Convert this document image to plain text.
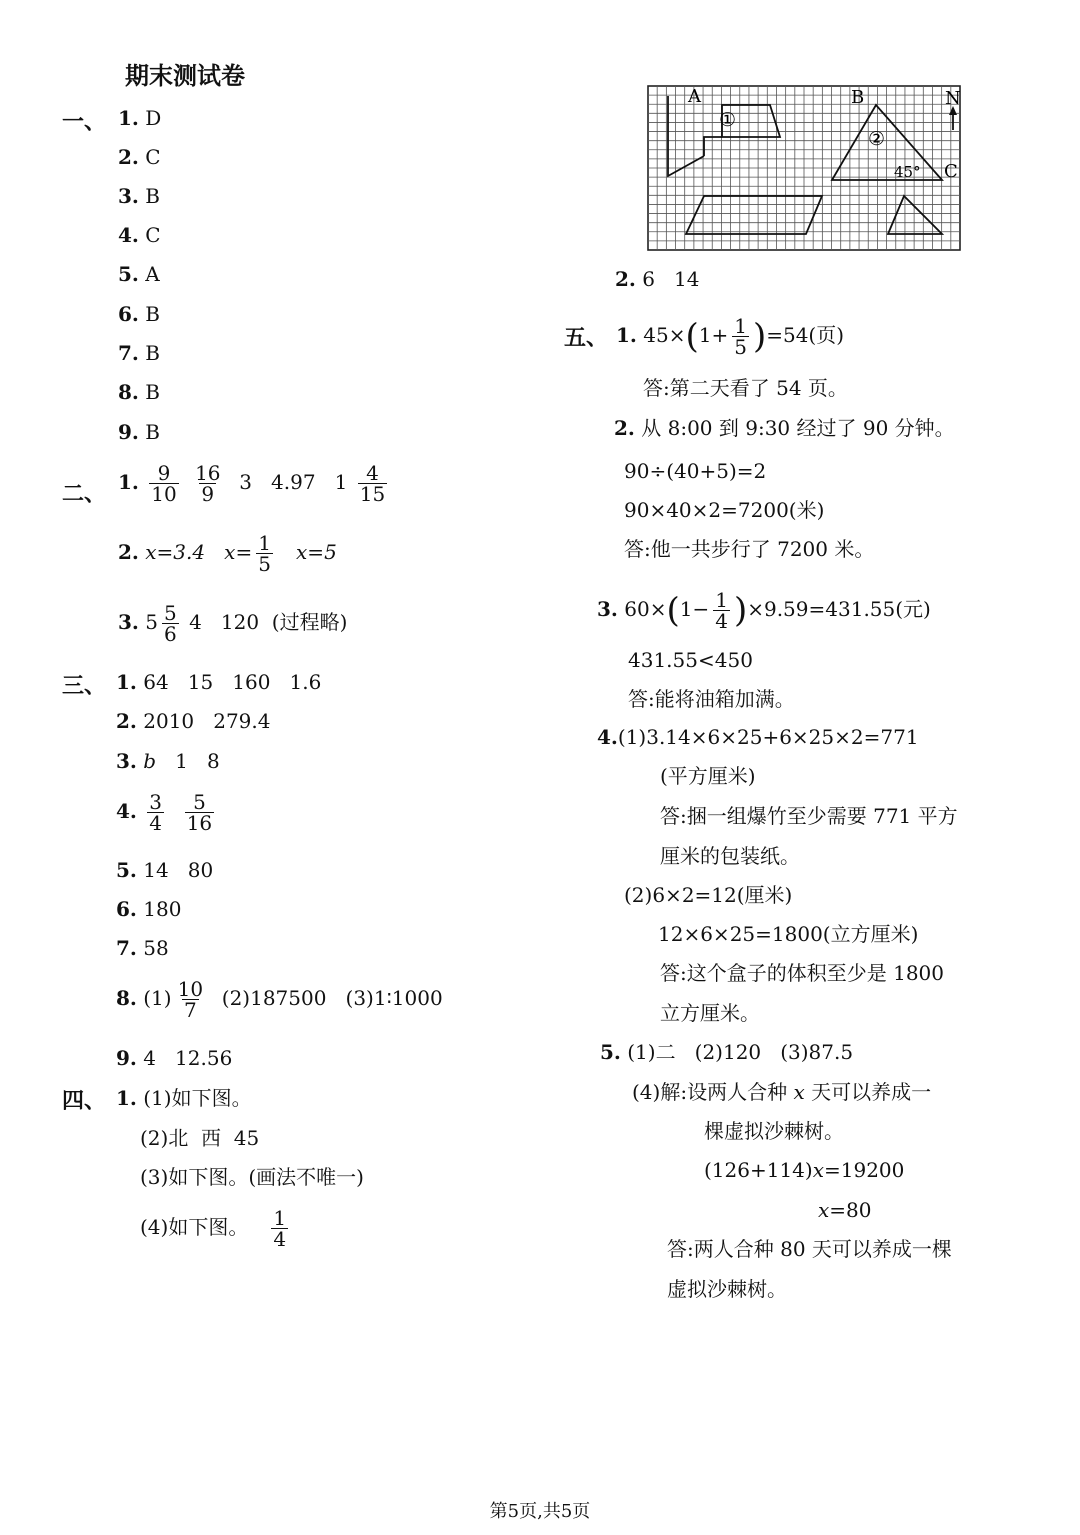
期末测试卷
一、 1. D
2. C
3. B
4. C
5. A
6. B
7. B
8. B
9. B
二、 1. $\frac{9}{10}$
$\frac{16}{9} 3$ 4.97 $1 \frac{4}{15}$
2. x=3.4 $x= \frac{1}{5} x=5$
3. $5 \frac{5}{6} 4$   120  (过程略)
三、 1. 64   15   160   1.6
2. 2010   279.4
3. b 1   8
4. $\frac{3}{4}$
$\frac{5}{16}$
5. 14   80
6. 180
7. 58
8. $(1) \frac{10}{7} (2)187500$   (3)1∶1000
9. 4   12.56
四、 1. (1)如下图。
(2)北  西  45
(3)如下图。(画法不唯一)
(4)如下图。 $\frac{1}{4}$
A	B
C
N
①
②
45°
2. 6   14
五、 1. $45\times(1+ \frac{1}{5} )=54$(页)
答:第二天看了 54 页。
2. 从 8:00 到 9:30 经过了 90 分钟。
90÷(40+5)=2
90×40×2=7200(米)
答:他一共步行了 7200 米。
3. $60\times(1- \frac{1}{4} )\times 9.59=431.55$(元)
431.55<450
答:能将油箱加满。
4.(1)3.14×6×25+6×25×2=771
(平方厘米)
答:捆一组爆竹至少需要 771 平方
厘米的包装纸。
(2)6×2=12(厘米)
12×6×25=1800(立方厘米)
答:这个盒子的体积至少是 1800
立方厘米。
5. (1)二   (2)120   (3)87.5
(4)解:设两人合种 x 天可以养成一
棵虚拟沙棘树。
(126+114)x=19200
x=80
答:两人合种 80 天可以养成一棵
虚拟沙棘树。
第5页,共5页
